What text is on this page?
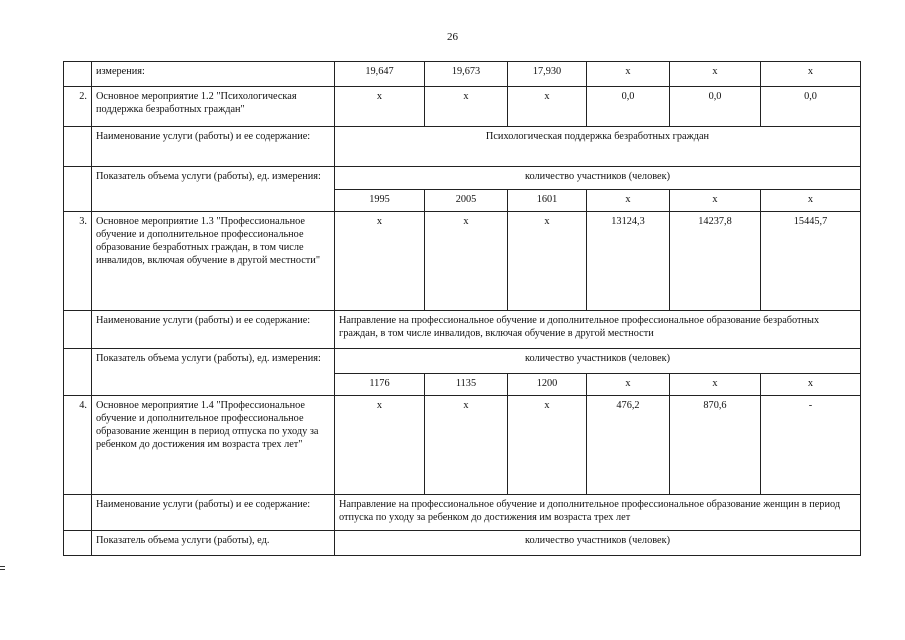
26
	измерения:	19,647	19,673	17,930	х	х	х
2.	Основное мероприятие 1.2 "Психологическая поддержка безработных граждан"	х	х	х	0,0	0,0	0,0
	Наименование услуги (работы) и ее содержание:	Психологическая поддержка безработных граждан					
	Показатель объема услуги (работы), ед. измерения:	количество участников (человек)					
		1995	2005	1601	х	х	х
3.	Основное мероприятие 1.3 "Профессиональное обучение и дополнительное профессиональное образование безработных граждан, в том числе инвалидов, включая обучение в другой местности"	х	х	х	13124,3	14237,8	15445,7
	Наименование услуги (работы) и ее содержание:	Направление на профессиональное обучение и дополнительное профессиональное образование безработных граждан, в том числе инвалидов, включая обучение в другой местности					
	Показатель объема услуги (работы), ед. измерения:	количество участников (человек)					
		1176	1135	1200	х	х	х
4.	Основное мероприятие 1.4 "Профессиональное обучение и дополнительное профессиональное образование женщин в период отпуска по уходу за ребенком до достижения им возраста трех лет"	х	х	х	476,2	870,6	-
	Наименование услуги (работы) и ее содержание:	Направление на профессиональное обучение и дополнительное профессиональное образование женщин в период отпуска по уходу за ребенком до достижения им возраста трех лет					
	Показатель объема услуги (работы), ед.	количество участников (человек)					
